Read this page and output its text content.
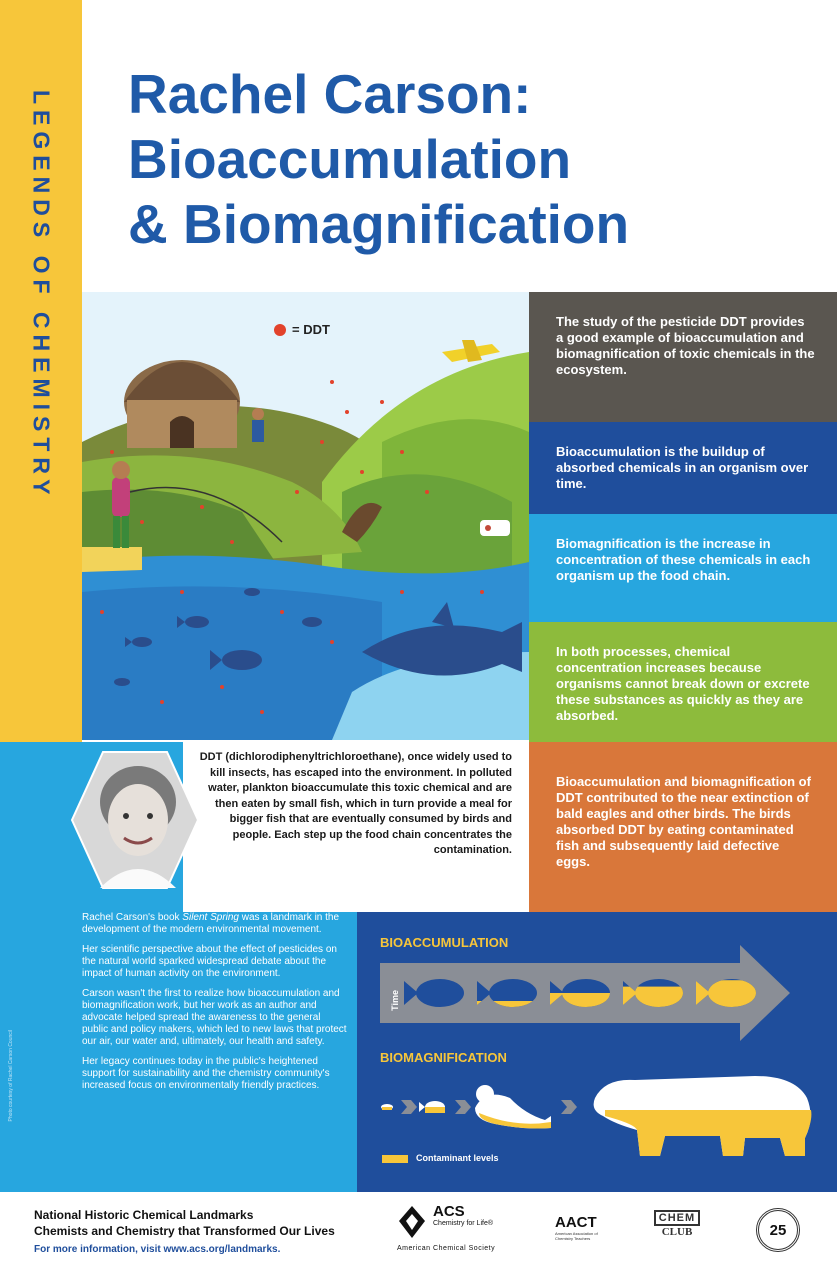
LEGENDS OF CHEMISTRY Rachel Carson:
Bioaccumulation
& Biomagnification
= DDT
The study of the pesticide DDT provides a good example of bioaccumulation and biomagnification of toxic chemicals in the ecosystem.
Bioaccumulation is the buildup of absorbed chemicals in an organism over time.
Biomagnification is the increase in concentration of these chemicals in each organism up the food chain.
In both processes, chemical concentration increases because organisms cannot break down or excrete these substances as quickly as they are absorbed.
Bioaccumulation and biomagnification of DDT contributed to the near extinction of bald eagles and other birds. The birds absorbed DDT by eating contaminated fish and subsequently laid defective eggs.
DDT (dichlorodiphenyltrichloroethane), once widely used to kill insects, has escaped into the environment. In polluted water, plankton bioaccumulate this toxic chemical and are then eaten by small fish, which in turn provide a meal for bigger fish that are eventually consumed by birds and people. Each step up the food chain concentrates the contamination.

Rachel Carson's book Silent Spring was a landmark in the development of the modern environmental movement.

Her scientific perspective about the effect of pesticides on the natural world sparked widespread debate about the impact of human activity on the environment.

Carson wasn't the first to realize how bioaccumulation and biomagnification work, but her work as an author and advocate helped spread the awareness to the general public and policy makers, which led to new laws that protect our air, our water and, ultimately, our health and safety.

Her legacy continues today in the public's heightened support for sustainability and the chemistry community's increased focus on environmentally friendly practices.

Photo courtesy of Rachel Carson Council
BIOACCUMULATION
Time
BIOMAGNIFICATION
Contaminant levels
National Historic Chemical Landmarks
Chemists and Chemistry that Transformed Our Lives
For more information, visit www.acs.org/landmarks.
ACS
Chemistry for Life®
American Chemical Society
AACT
American Association of Chemistry Teachers
CHEM
CLUB	25
